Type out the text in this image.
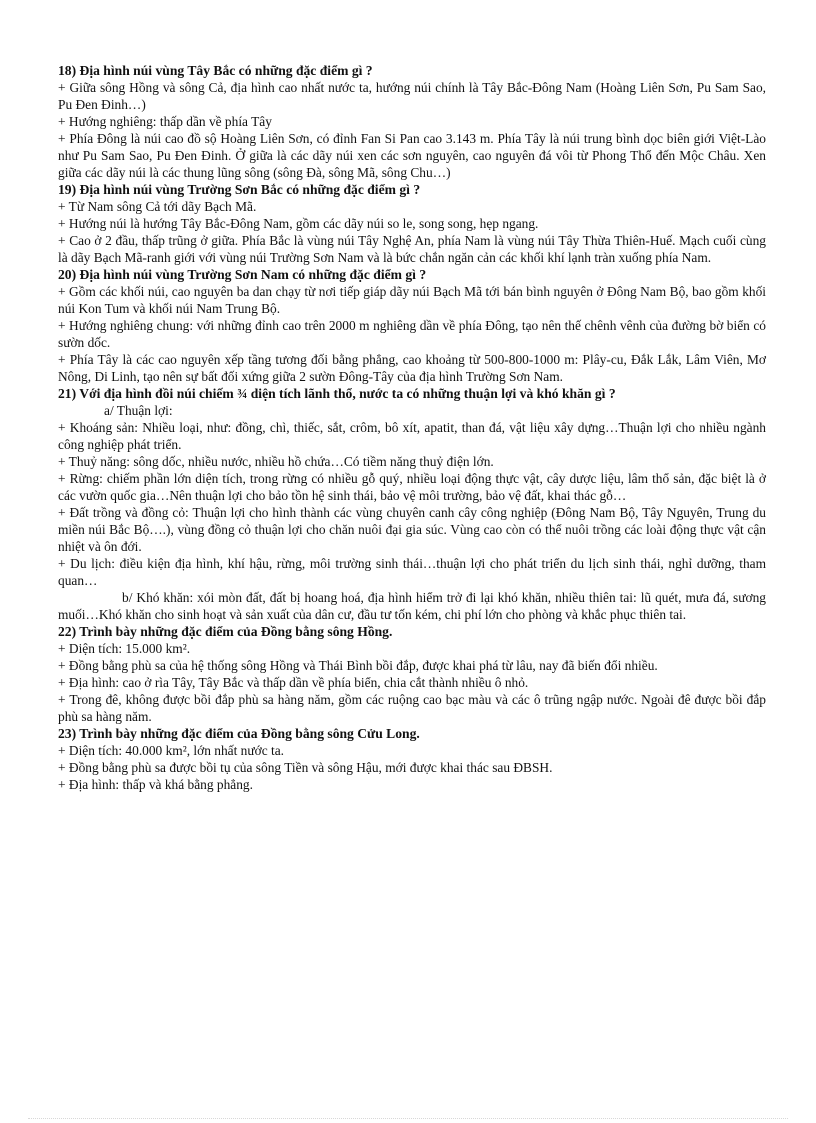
18) Địa hình núi vùng Tây Bắc có những đặc điểm gì ?

+ Giữa sông Hồng và sông Cả, địa hình cao nhất nước ta, hướng núi chính là Tây Bắc-Đông Nam (Hoàng Liên Sơn, Pu Sam Sao, Pu Đen Đinh…)

+ Hướng nghiêng: thấp dần về phía Tây

+ Phía Đông là núi cao đồ sộ Hoàng Liên Sơn, có đỉnh Fan Si Pan cao 3.143 m. Phía Tây là núi trung bình dọc biên giới Việt-Lào như Pu Sam Sao, Pu Đen Đinh. Ở giữa là các dãy núi xen các sơn nguyên, cao nguyên đá vôi từ Phong Thổ đến Mộc Châu. Xen giữa các dãy núi là các thung lũng sông (sông Đà, sông Mã, sông Chu…)

19) Địa hình núi vùng Trường Sơn Bắc có những đặc điểm gì ?

+ Từ Nam sông Cả tới dãy Bạch Mã.

+ Hướng núi là hướng Tây Bắc-Đông Nam, gồm các dãy núi so le, song song, hẹp ngang.

+ Cao ở 2 đầu, thấp trũng ở giữa. Phía Bắc là vùng núi Tây Nghệ An, phía Nam là vùng núi Tây Thừa Thiên-Huế. Mạch cuối cùng là dãy Bạch Mã-ranh giới với vùng núi Trường Sơn Nam và là bức chắn ngăn cản các khối khí lạnh tràn xuống phía Nam.

20) Địa hình núi vùng Trường Sơn Nam có những đặc điểm gì ?

+ Gồm các khối núi, cao nguyên ba dan chạy từ nơi tiếp giáp dãy núi Bạch Mã tới bán bình nguyên ở Đông Nam Bộ, bao gồm khối núi Kon Tum và khối núi Nam Trung Bộ.

+ Hướng nghiêng chung: với những đỉnh cao trên 2000 m nghiêng dần về phía Đông, tạo nên thế chênh vênh của đường bờ biển có sườn dốc.

+ Phía Tây là các cao nguyên xếp tầng tương đối bằng phẳng, cao khoảng từ 500-800-1000 m: Plây-cu, Đắk Lắk, Lâm Viên, Mơ Nông, Di Linh, tạo nên sự bất đối xứng giữa 2 sườn Đông-Tây của địa hình Trường Sơn Nam.

21) Với địa hình đồi núi chiếm ¾ diện tích lãnh thổ, nước ta có những thuận lợi và khó khăn gì ?

a/ Thuận lợi:

+ Khoáng sản: Nhiều loại, như: đồng, chì, thiếc, sắt, crôm, bô xít, apatit, than đá, vật liệu xây dựng…Thuận lợi cho nhiều ngành công nghiệp phát triển.

+ Thuỷ năng: sông dốc, nhiều nước, nhiều hồ chứa…Có tiềm năng thuỷ điện lớn.

+ Rừng: chiếm phần lớn diện tích, trong rừng có nhiều gỗ quý, nhiều loại động thực vật, cây dược liệu, lâm thổ sản, đặc biệt là ở các vườn quốc gia…Nên thuận lợi cho bảo tồn hệ sinh thái, bảo vệ môi trường, bảo vệ đất, khai thác gỗ…

+ Đất trồng và đồng cỏ: Thuận lợi cho hình thành các vùng chuyên canh cây công nghiệp (Đông Nam Bộ, Tây Nguyên, Trung du miền núi Bắc Bộ….), vùng đồng cỏ thuận lợi cho chăn nuôi đại gia súc. Vùng cao còn có thể nuôi trồng các loài động thực vật cận nhiệt và ôn đới.

+ Du lịch: điều kiện địa hình, khí hậu, rừng, môi trường sinh thái…thuận lợi cho phát triển du lịch sinh thái, nghỉ dưỡng, tham quan…

b/ Khó khăn: xói mòn đất, đất bị hoang hoá, địa hình hiểm trở đi lại khó khăn, nhiều thiên tai: lũ quét, mưa đá, sương muối…Khó khăn cho sinh hoạt và sản xuất của dân cư, đầu tư tốn kém, chi phí lớn cho phòng và khắc phục thiên tai.

22) Trình bày những đặc điểm của Đồng bằng sông Hồng.

+ Diện tích: 15.000 km².

+ Đồng bằng phù sa của hệ thống sông Hồng và Thái Bình bồi đắp, được khai phá từ lâu, nay đã biến đổi nhiều.

+ Địa hình: cao ở rìa Tây, Tây Bắc và thấp dần về phía biển, chia cắt thành nhiều ô nhỏ.

+ Trong đê, không được bồi đắp phù sa hàng năm, gồm các ruộng cao bạc màu và các ô trũng ngập nước. Ngoài đê được bồi đắp phù sa hàng năm.

23) Trình bày những đặc điểm của Đồng bằng sông Cửu Long.

+ Diện tích: 40.000 km², lớn nhất nước ta.

+ Đồng bằng phù sa được bồi tụ của sông Tiền và sông Hậu, mới được khai thác sau ĐBSH.

+ Địa hình: thấp và khá bằng phẳng.
